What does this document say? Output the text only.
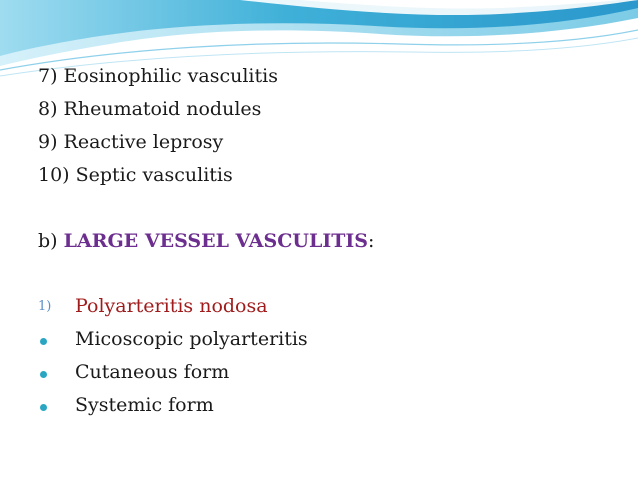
7) Eosinophilic vasculitis
8) Rheumatoid nodules
9) Reactive leprosy
10) Septic vasculitis
b) LARGE VESSEL VASCULITIS:
1)	Polyarteritis nodosa
Micoscopic polyarteritis
Cutaneous form
Systemic form
